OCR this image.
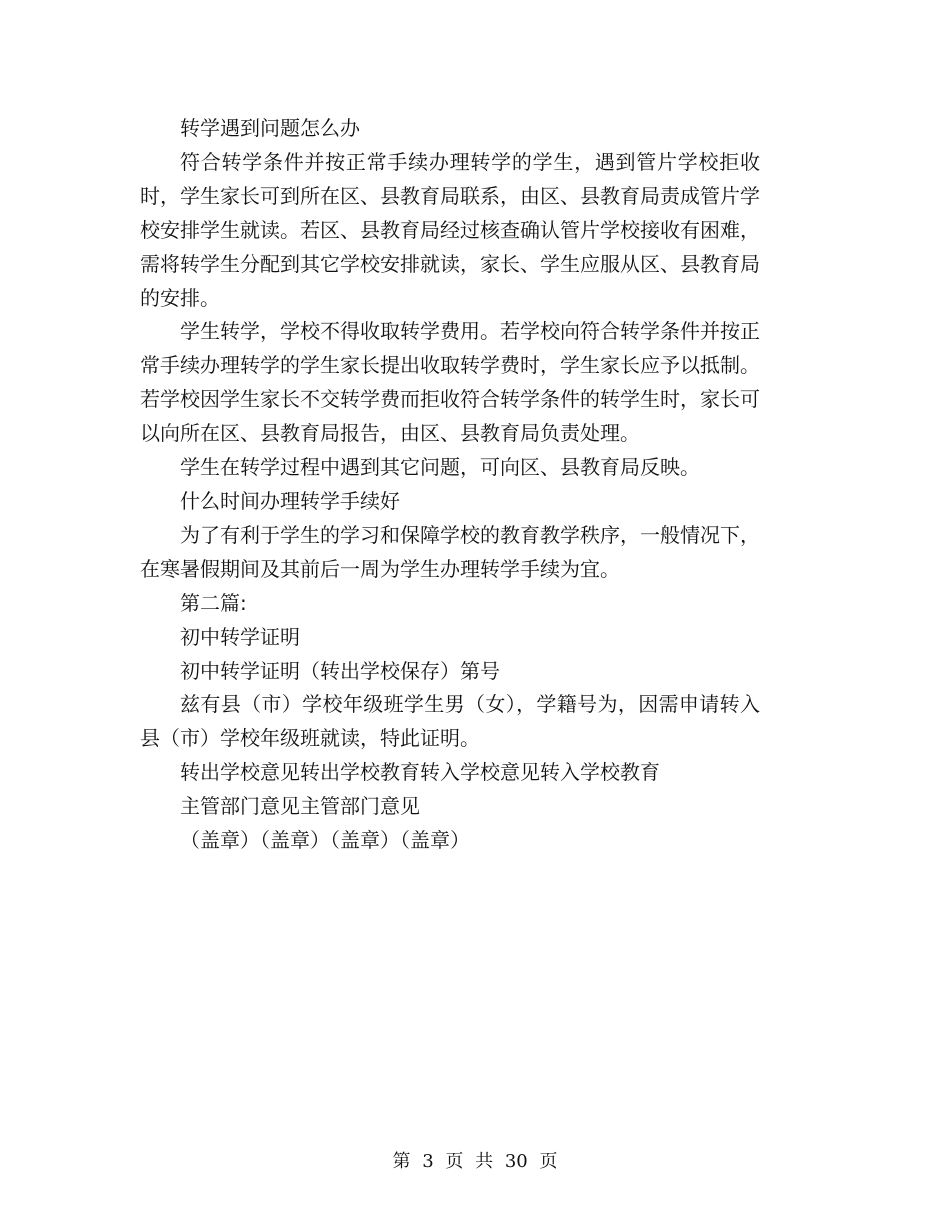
转学遇到问题怎么办

符合转学条件并按正常手续办理转学的学生，遇到管片学校拒收时，学生家长可到所在区、县教育局联系，由区、县教育局责成管片学校安排学生就读。若区、县教育局经过核查确认管片学校接收有困难，需将转学生分配到其它学校安排就读，家长、学生应服从区、县教育局的安排。

学生转学，学校不得收取转学费用。若学校向符合转学条件并按正常手续办理转学的学生家长提出收取转学费时，学生家长应予以抵制。若学校因学生家长不交转学费而拒收符合转学条件的转学生时，家长可以向所在区、县教育局报告，由区、县教育局负责处理。

学生在转学过程中遇到其它问题，可向区、县教育局反映。

什么时间办理转学手续好

为了有利于学生的学习和保障学校的教育教学秩序，一般情况下，在寒暑假期间及其前后一周为学生办理转学手续为宜。

第二篇:

初中转学证明

初中转学证明（转出学校保存）第号

兹有县（市）学校年级班学生男（女），学籍号为，因需申请转入县（市）学校年级班就读，特此证明。

转出学校意见转出学校教育转入学校意见转入学校教育

主管部门意见主管部门意见

（盖章）（盖章）（盖章）（盖章）

第 3 页 共 30 页
